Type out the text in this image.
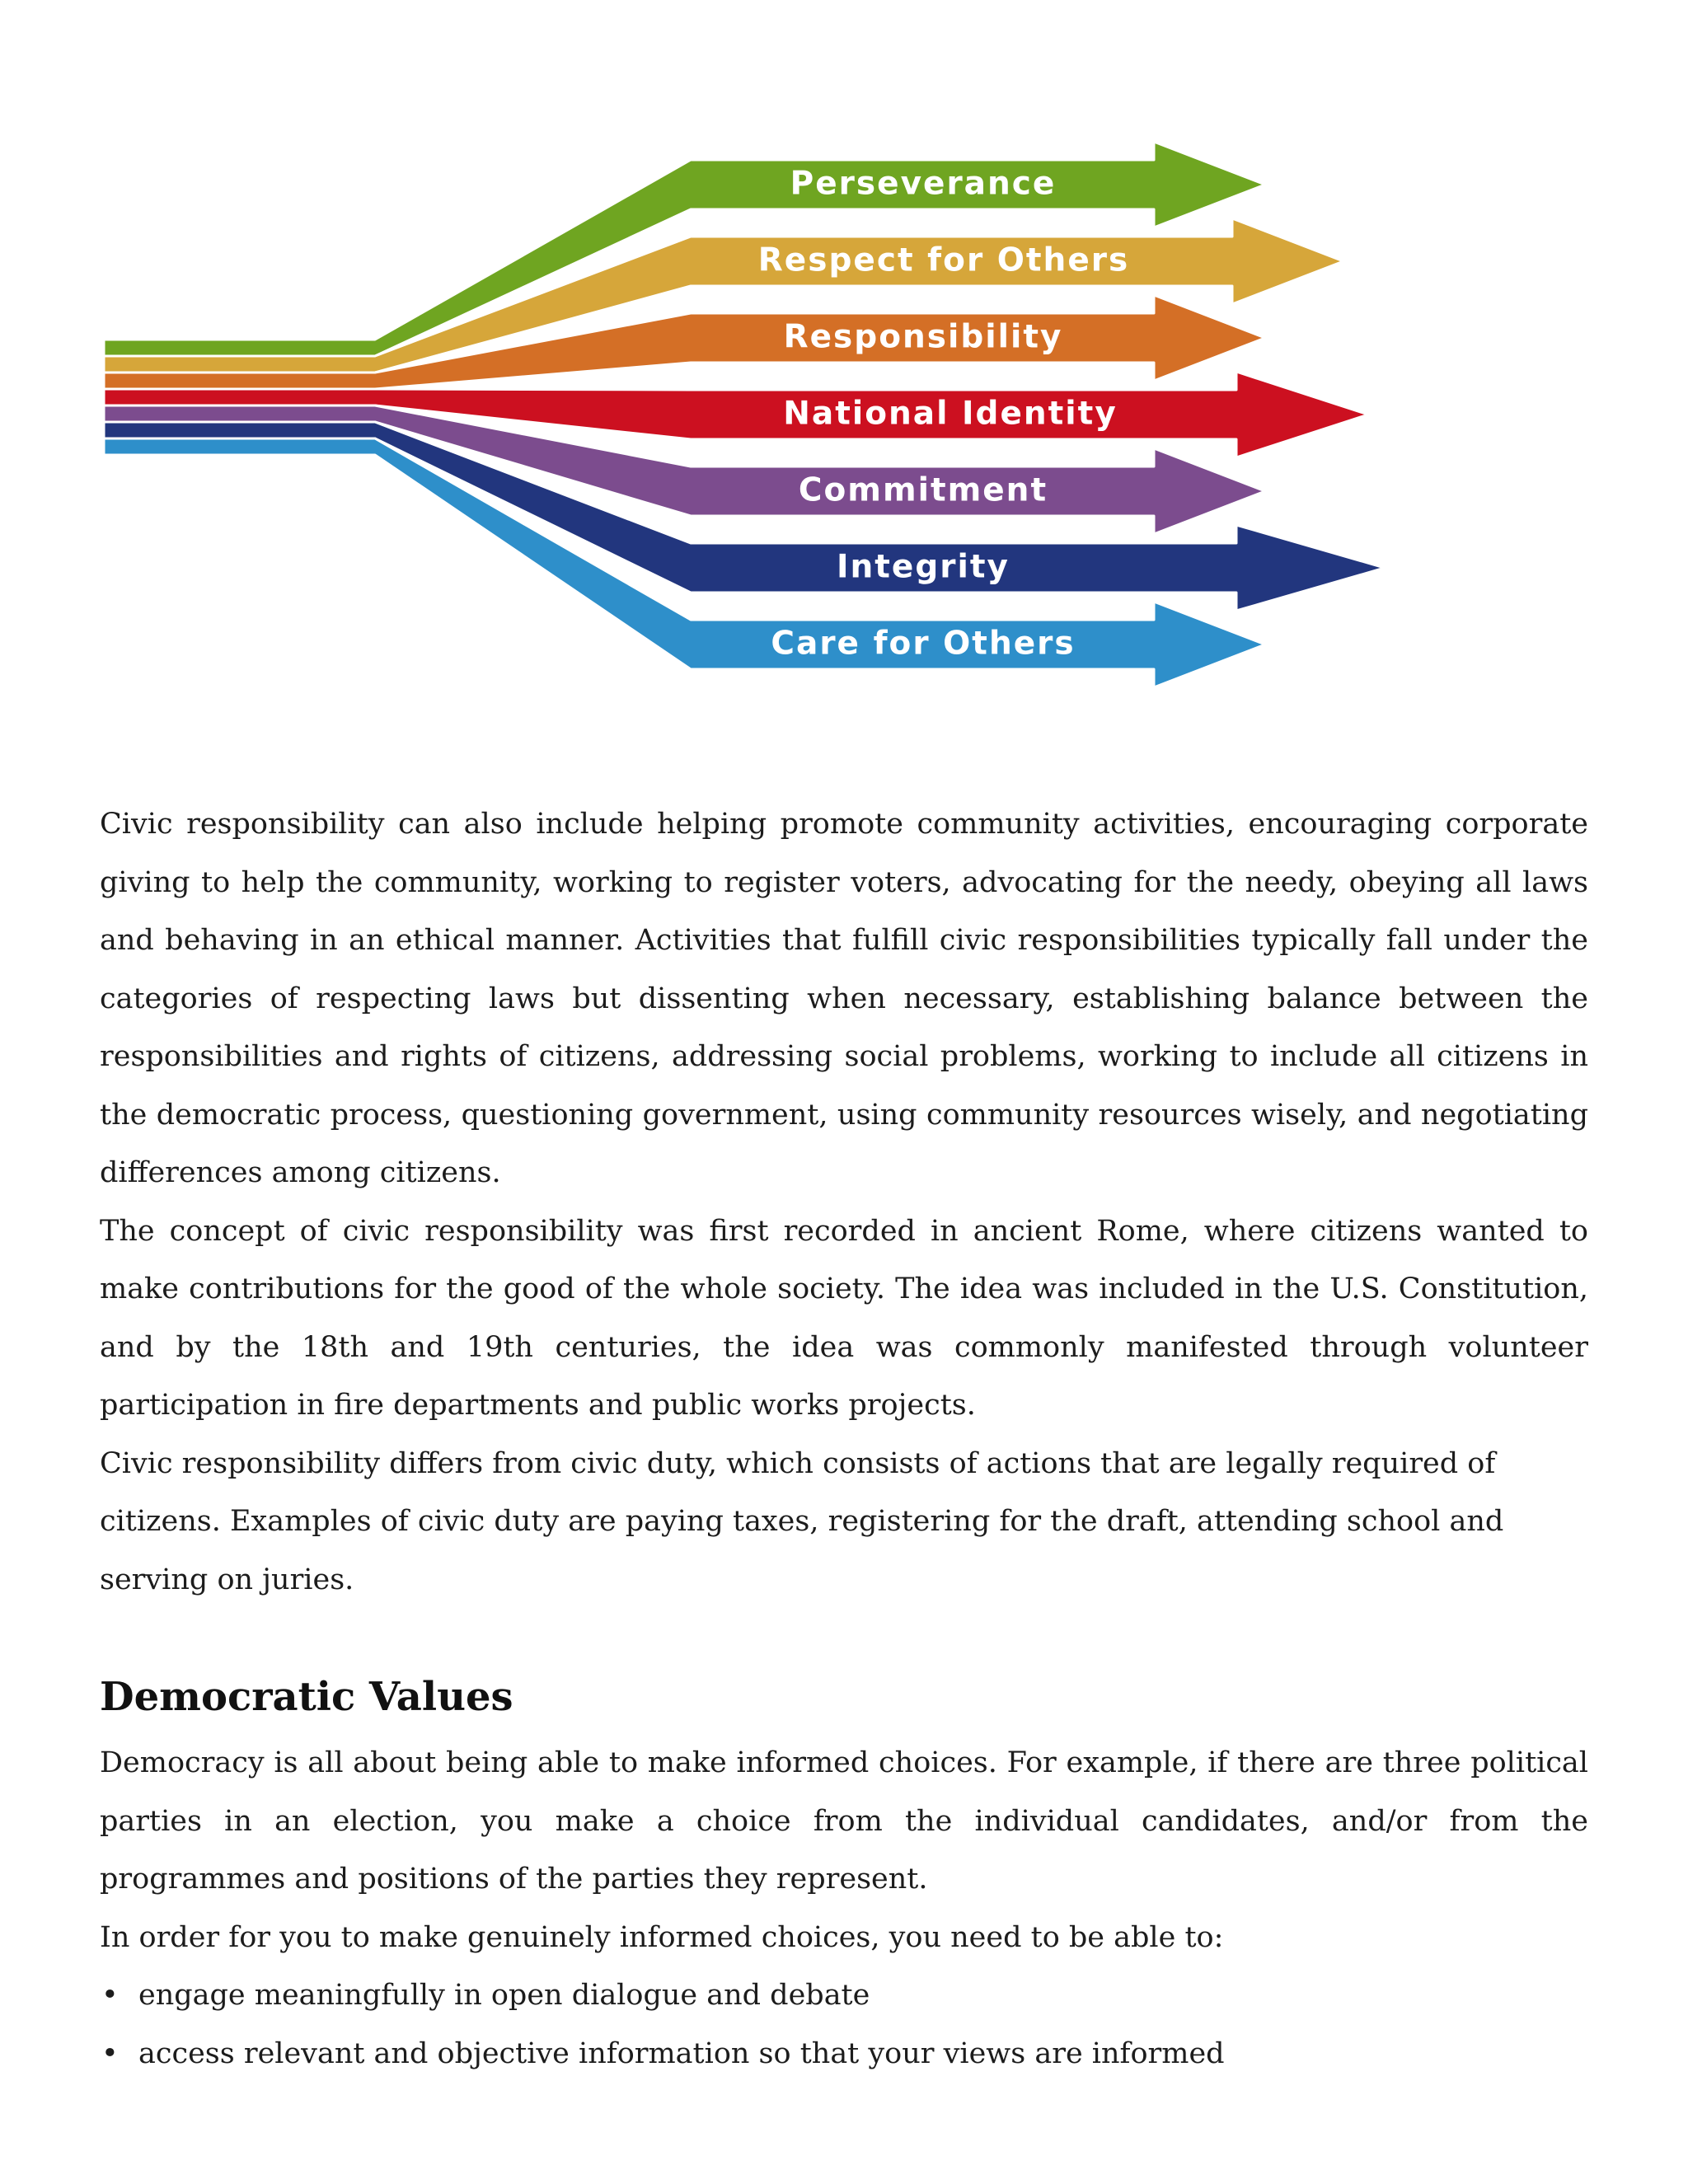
Perseverance
Respect for Others
Responsibility
National Identity
Commitment
Integrity
Care for Others

Civic responsibility can also include helping promote community activities, encouraging corporate giving to help the community, working to register voters, advocating for the needy, obeying all laws and behaving in an ethical manner. Activities that fulfill civic responsibilities typically fall under the categories of respecting laws but dissenting when necessary, establishing balance between the responsibilities and rights of citizens, addressing social problems, working to include all citizens in the democratic process, questioning government, using community resources wisely, and negotiating differences among citizens.

The concept of civic responsibility was first recorded in ancient Rome, where citizens wanted to make contributions for the good of the whole society. The idea was included in the U.S. Constitution, and by the 18th and 19th centuries, the idea was commonly manifested through volunteer participation in fire departments and public works projects.

Civic responsibility differs from civic duty, which consists of actions that are legally required of citizens. Examples of civic duty are paying taxes, registering for the draft, attending school and serving on juries.

Democratic Values

Democracy is all about being able to make informed choices. For example, if there are three political parties in an election, you make a choice from the individual candidates, and/or from the programmes and positions of the parties they represent.

In order for you to make genuinely informed choices, you need to be able to:

• engage meaningfully in open dialogue and debate
• access relevant and objective information so that your views are informed
